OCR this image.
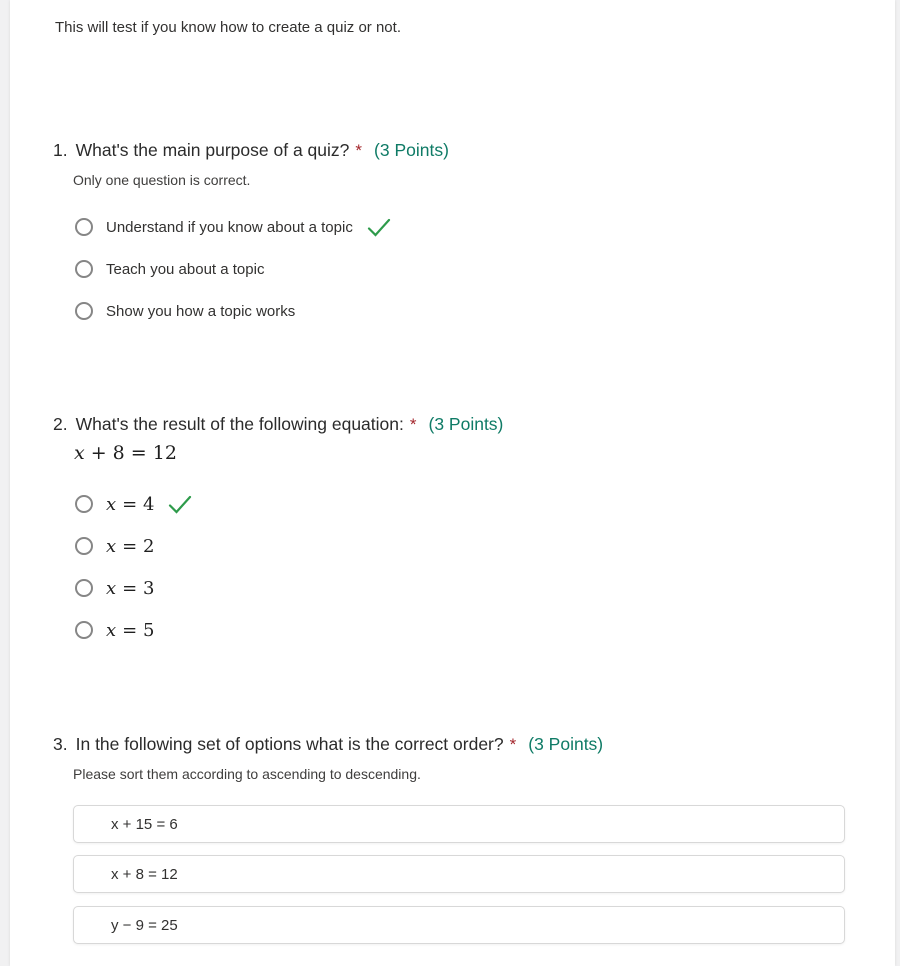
This will test if you know how to create a quiz or not.
1. What's the main purpose of a quiz? * (3 Points)
Only one question is correct.
Understand if you know about a topic
Teach you about a topic
Show you how a topic works
2. What's the result of the following equation: * (3 Points)
x + 8 = 12
x = 4
x = 2
x = 3
x = 5
3. In the following set of options what is the correct order? * (3 Points)
Please sort them according to ascending to descending.
x + 15 = 6
x + 8 = 12
y − 9 = 25
